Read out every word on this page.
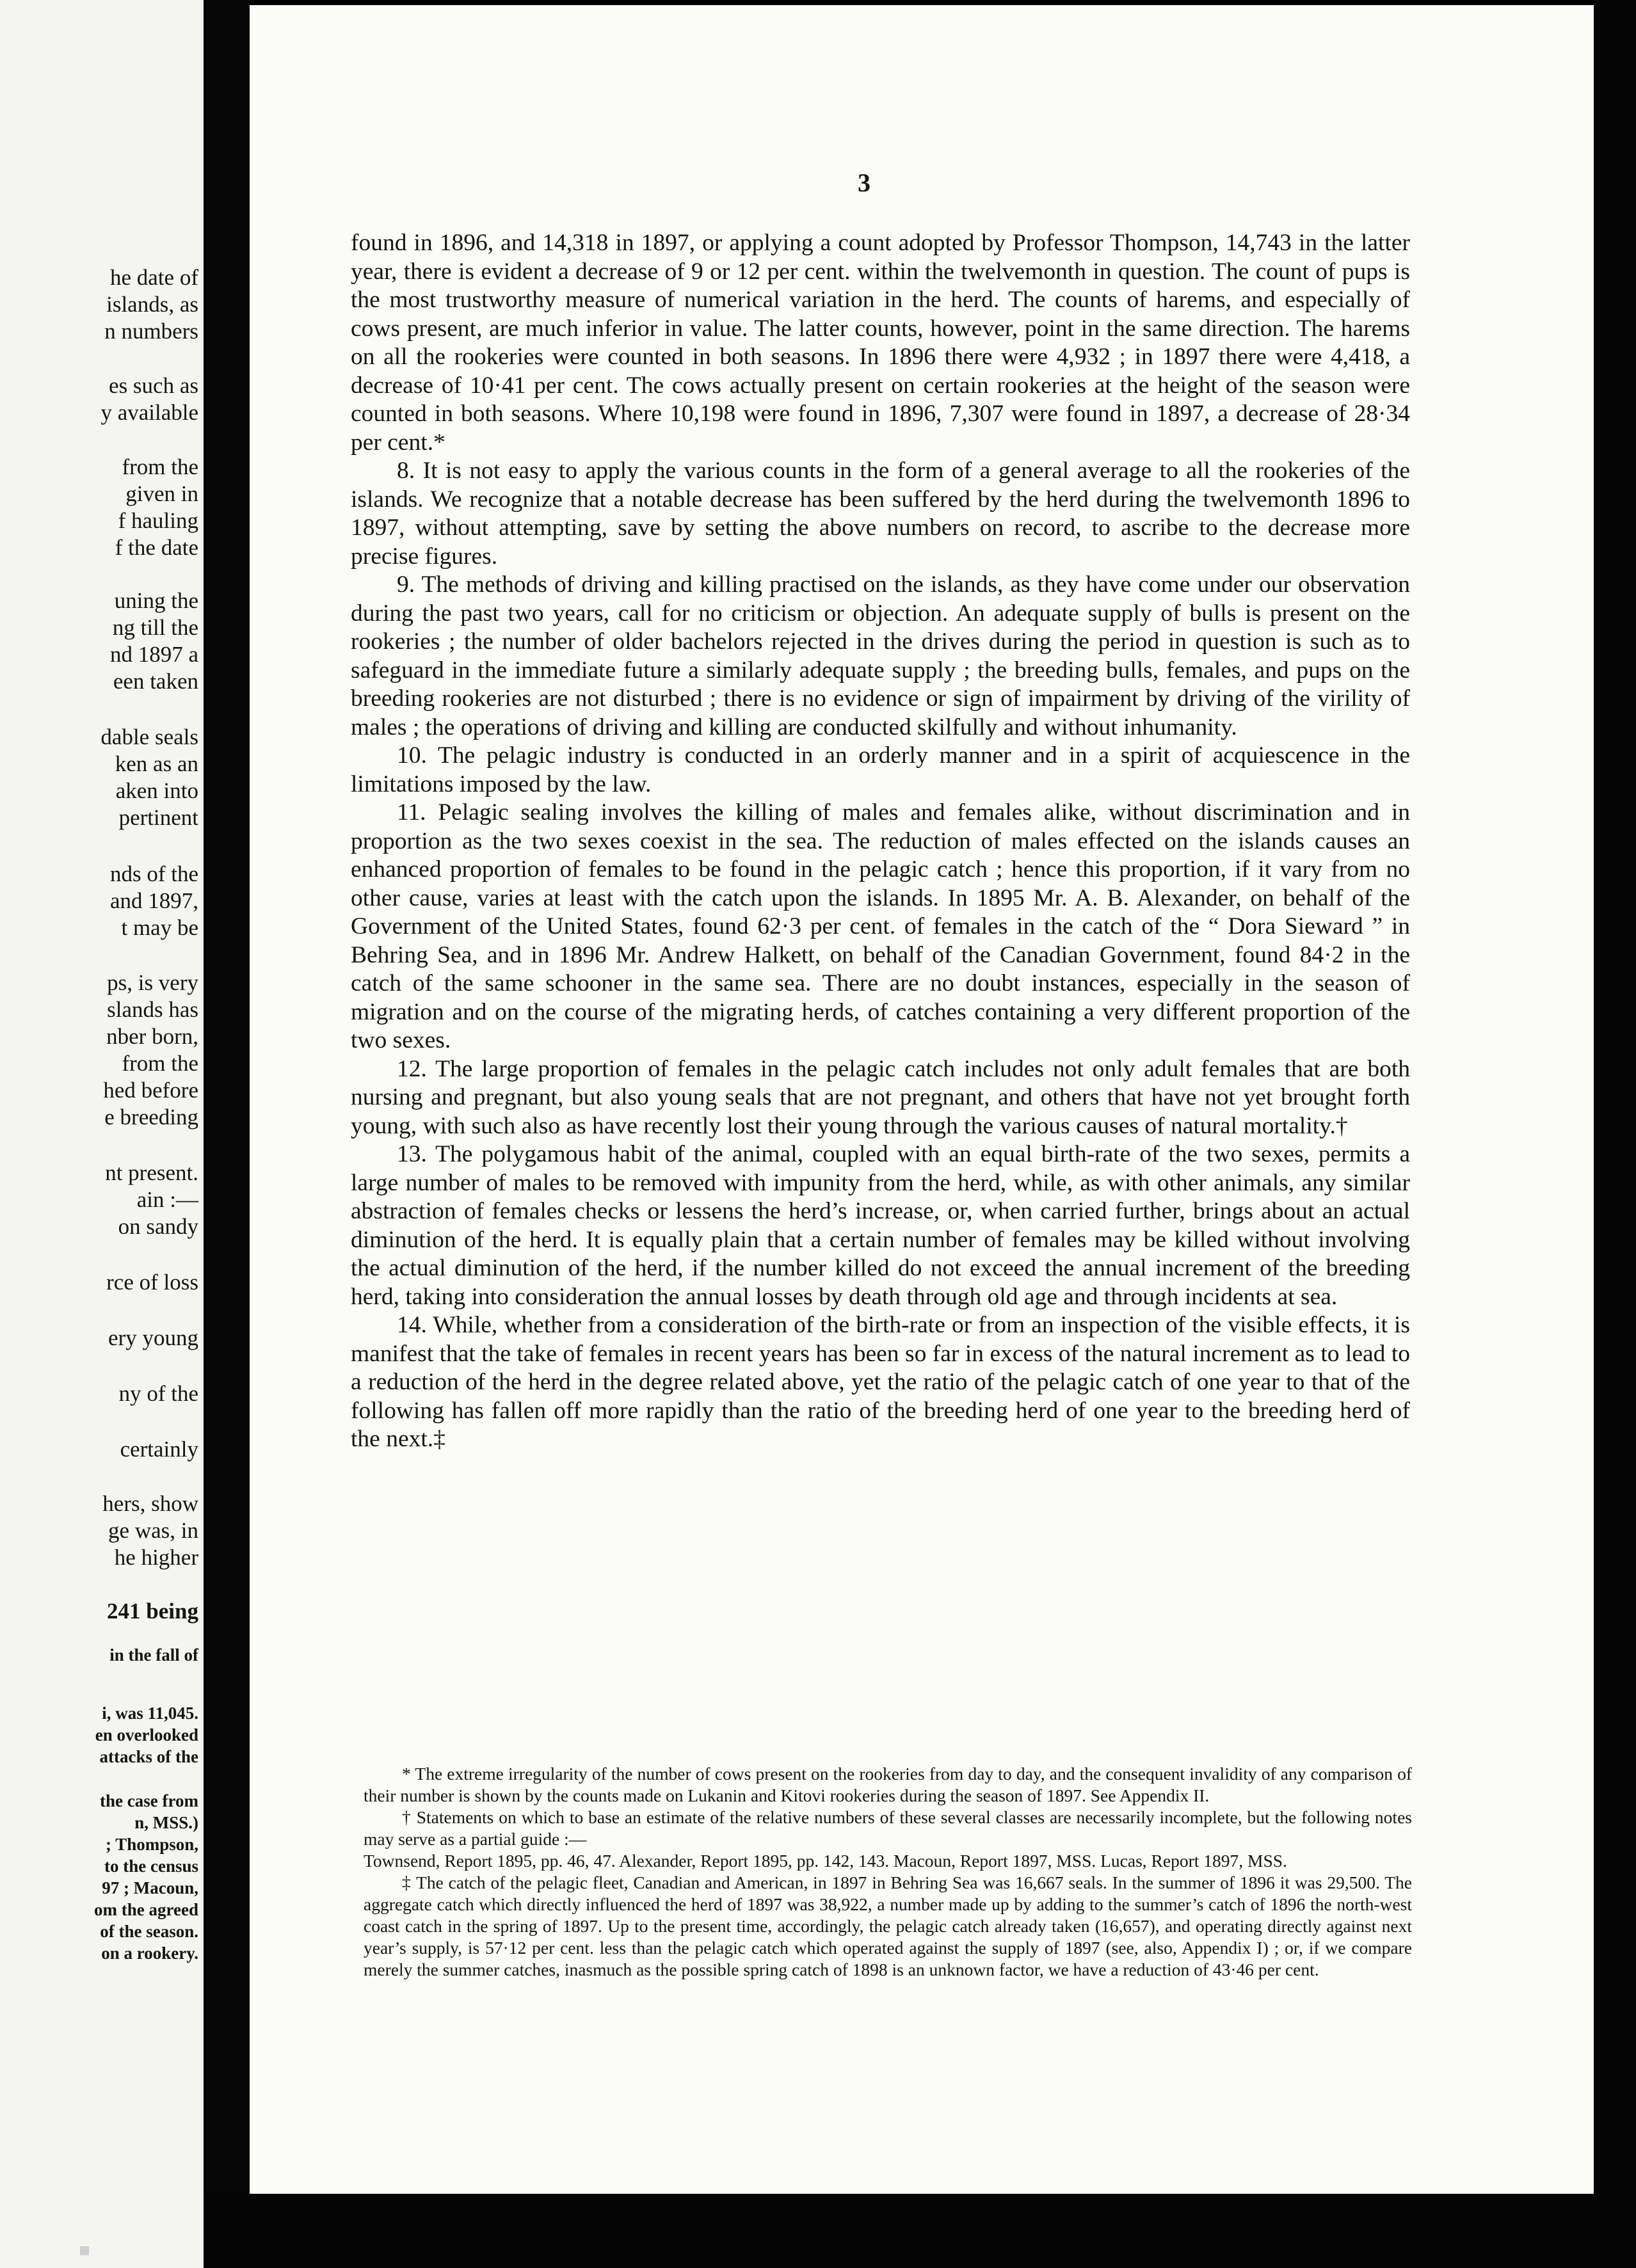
he date of

islands, as

n numbers

es such as

y available

from the

given in

f hauling

f the date

uning the

ng till the

nd 1897 a

een taken

dable seals

ken as an

aken into

pertinent

nds of the

and 1897,

t may be

ps, is very

slands has

nber born,

from the

hed before

e breeding

nt present.

ain :—

on sandy

rce of loss

ery young

ny of the

certainly

hers, show

ge was, in

he higher

241 being

in the fall of

i, was 11,045.

en overlooked

attacks of the

the case from

n, MSS.)

; Thompson,

to the census

97 ; Macoun,

om the agreed

of the season.

on a rookery.

3

found in 1896, and 14,318 in 1897, or applying a count adopted by Professor Thompson, 14,743 in the latter year, there is evident a decrease of 9 or 12 per cent. within the twelvemonth in question. The count of pups is the most trustworthy measure of numerical variation in the herd. The counts of harems, and especially of cows present, are much inferior in value. The latter counts, however, point in the same direction. The harems on all the rookeries were counted in both seasons. In 1896 there were 4,932 ; in 1897 there were 4,418, a decrease of 10·41 per cent. The cows actually present on certain rookeries at the height of the season were counted in both seasons. Where 10,198 were found in 1896, 7,307 were found in 1897, a decrease of 28·34 per cent.*

8. It is not easy to apply the various counts in the form of a general average to all the rookeries of the islands. We recognize that a notable decrease has been suffered by the herd during the twelvemonth 1896 to 1897, without attempting, save by setting the above numbers on record, to ascribe to the decrease more precise figures.

9. The methods of driving and killing practised on the islands, as they have come under our observation during the past two years, call for no criticism or objection. An adequate supply of bulls is present on the rookeries ; the number of older bachelors rejected in the drives during the period in question is such as to safeguard in the immediate future a similarly adequate supply ; the breeding bulls, females, and pups on the breeding rookeries are not disturbed ; there is no evidence or sign of impairment by driving of the virility of males ; the operations of driving and killing are conducted skilfully and without inhumanity.

10. The pelagic industry is conducted in an orderly manner and in a spirit of acquiescence in the limitations imposed by the law.

11. Pelagic sealing involves the killing of males and females alike, without discrimination and in proportion as the two sexes coexist in the sea. The reduction of males effected on the islands causes an enhanced proportion of females to be found in the pelagic catch ; hence this proportion, if it vary from no other cause, varies at least with the catch upon the islands. In 1895 Mr. A. B. Alexander, on behalf of the Government of the United States, found 62·3 per cent. of females in the catch of the “ Dora Sieward ” in Behring Sea, and in 1896 Mr. Andrew Halkett, on behalf of the Canadian Government, found 84·2 in the catch of the same schooner in the same sea. There are no doubt instances, especially in the season of migration and on the course of the migrating herds, of catches containing a very different proportion of the two sexes.

12. The large proportion of females in the pelagic catch includes not only adult females that are both nursing and pregnant, but also young seals that are not pregnant, and others that have not yet brought forth young, with such also as have recently lost their young through the various causes of natural mortality.†

13. The polygamous habit of the animal, coupled with an equal birth-rate of the two sexes, permits a large number of males to be removed with impunity from the herd, while, as with other animals, any similar abstraction of females checks or lessens the herd’s increase, or, when carried further, brings about an actual diminution of the herd. It is equally plain that a certain number of females may be killed without involving the actual diminution of the herd, if the number killed do not exceed the annual increment of the breeding herd, taking into consideration the annual losses by death through old age and through incidents at sea.

14. While, whether from a consideration of the birth-rate or from an inspection of the visible effects, it is manifest that the take of females in recent years has been so far in excess of the natural increment as to lead to a reduction of the herd in the degree related above, yet the ratio of the pelagic catch of one year to that of the following has fallen off more rapidly than the ratio of the breeding herd of one year to the breeding herd of the next.‡

* The extreme irregularity of the number of cows present on the rookeries from day to day, and the consequent invalidity of any comparison of their number is shown by the counts made on Lukanin and Kitovi rookeries during the season of 1897. See Appendix II.

† Statements on which to base an estimate of the relative numbers of these several classes are necessarily incomplete, but the following notes may serve as a partial guide :—

Townsend, Report 1895, pp. 46, 47. Alexander, Report 1895, pp. 142, 143. Macoun, Report 1897, MSS. Lucas, Report 1897, MSS.

‡ The catch of the pelagic fleet, Canadian and American, in 1897 in Behring Sea was 16,667 seals. In the summer of 1896 it was 29,500. The aggregate catch which directly influenced the herd of 1897 was 38,922, a number made up by adding to the summer’s catch of 1896 the north-west coast catch in the spring of 1897. Up to the present time, accordingly, the pelagic catch already taken (16,657), and operating directly against next year’s supply, is 57·12 per cent. less than the pelagic catch which operated against the supply of 1897 (see, also, Appendix I) ; or, if we compare merely the summer catches, inasmuch as the possible spring catch of 1898 is an unknown factor, we have a reduction of 43·46 per cent.
